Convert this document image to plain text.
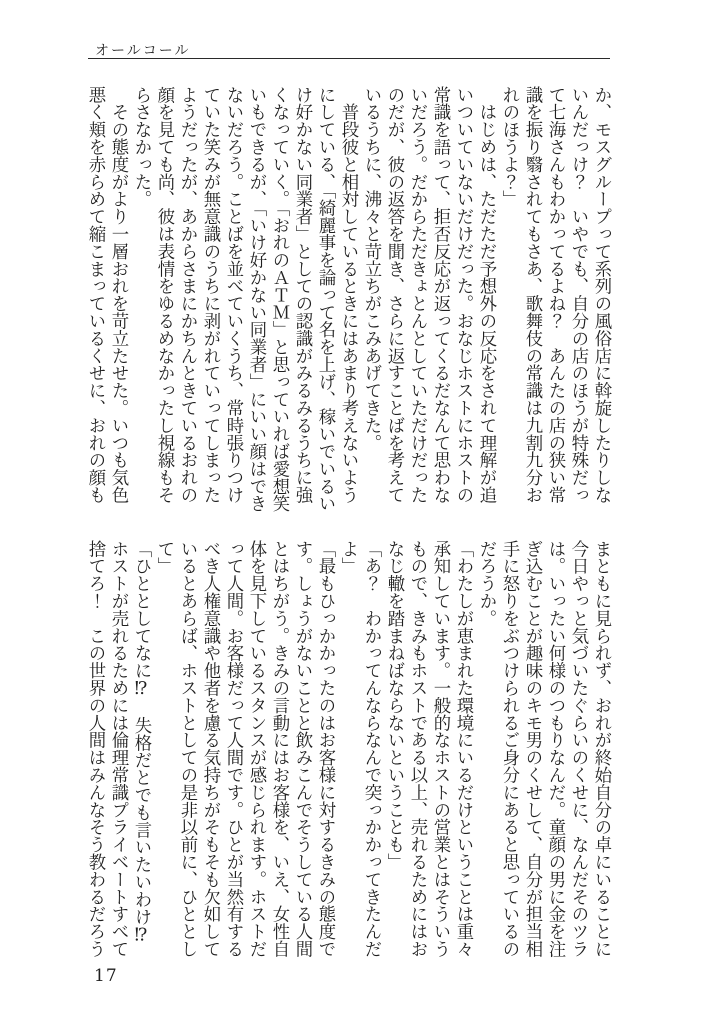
オールコール
か、モスグループって系列の風俗店に斡旋したりしな
いんだっけ？　いやでも、自分の店のほうが特殊だっ
て七海さんもわかってるよね？　あんたの店の狭い常
識を振り翳されてもさあ、歌舞伎の常識は九割九分お
れのほうよ？」
　はじめは、ただただ予想外の反応をされて理解が追
いついていないだけだった。おなじホストにホストの
常識を語って、拒否反応が返ってくるだなんて思わな
いだろう。だからただきょとんとしていただけだった
のだが、彼の返答を聞き、さらに返すことばを考えて
いるうちに、沸々と苛立ちがこみあげてきた。
　普段彼と相対しているときにはあまり考えないよう
にしている、「綺麗事を論って名を上げ、稼いでいるい
け好かない同業者」としての認識がみるみるうちに強
くなっていく。「おれのＡＴＭ」と思っていれば愛想笑
いもできるが、「いけ好かない同業者」にいい顔はでき
ないだろう。ことばを並べていくうち、常時張りつけ
ていた笑みが無意識のうちに剥がれていってしまった
ようだったが、あからさまにかちんときているおれの
顔を見ても尚、彼は表情をゆるめなかったし視線もそ
らさなかった。
　その態度がより一層おれを苛立たせた。いつも気色
悪く頬を赤らめて縮こまっているくせに、おれの顔も
まともに見られず、おれが終始自分の卓にいることに
今日やっと気づいたぐらいのくせに、なんだそのツラ
は。いったい何様のつもりなんだ。童顔の男に金を注
ぎ込むことが趣味のキモ男のくせして、自分が担当相
手に怒りをぶつけられるご身分にあると思っているの
だろうか。
「わたしが恵まれた環境にいるだけということは重々
承知しています。一般的なホストの営業とはそういう
もので、きみもホストである以上、売れるためにはお
なじ轍を踏まねばならないということも」
「あ？　わかってんならなんで突っかかってきたんだ
よ」
「最もひっかかったのはお客様に対するきみの態度で
す。しょうがないことと飲みこんでそうしている人間
とはちがう。きみの言動にはお客様を、いえ、女性自
体を見下しているスタンスが感じられます。ホストだ
って人間。お客様だって人間です。ひとが当然有する
べき人権意識や他者を慮る気持ちがそもそも欠如して
いるとあらば、ホストとしての是非以前に、ひととし
て」
「ひととしてなに⁉　失格だとでも言いたいわけ⁉
ホストが売れるためには倫理常識プライベートすべて
捨てろ！　この世界の人間はみんなそう教わるだろう
17
